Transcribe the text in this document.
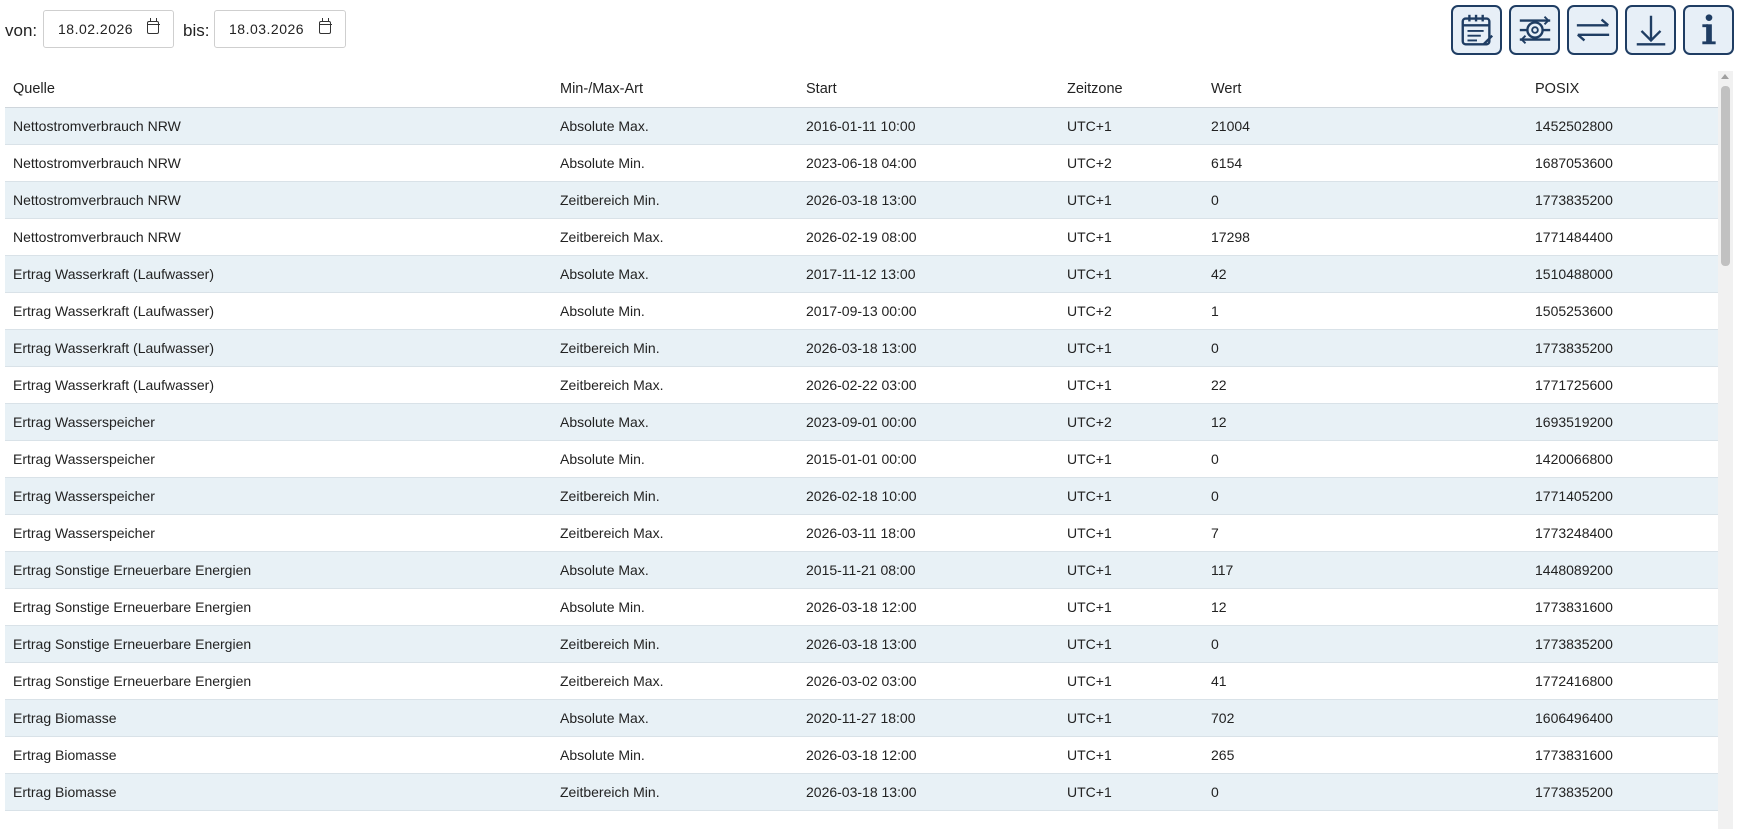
von: 18.02.2026	bis: 18.03.2026
Quelle	Min-/Max-Art	Start	Zeitzone	Wert	POSIX
Nettostromverbrauch NRW	Absolute Max.	2016-01-11 10:00	UTC+1	21004	1452502800
Nettostromverbrauch NRW	Absolute Min.	2023-06-18 04:00	UTC+2	6154	1687053600
Nettostromverbrauch NRW	Zeitbereich Min.	2026-03-18 13:00	UTC+1	0	1773835200
Nettostromverbrauch NRW	Zeitbereich Max.	2026-02-19 08:00	UTC+1	17298	1771484400
Ertrag Wasserkraft (Laufwasser)	Absolute Max.	2017-11-12 13:00	UTC+1	42	1510488000
Ertrag Wasserkraft (Laufwasser)	Absolute Min.	2017-09-13 00:00	UTC+2	1	1505253600
Ertrag Wasserkraft (Laufwasser)	Zeitbereich Min.	2026-03-18 13:00	UTC+1	0	1773835200
Ertrag Wasserkraft (Laufwasser)	Zeitbereich Max.	2026-02-22 03:00	UTC+1	22	1771725600
Ertrag Wasserspeicher	Absolute Max.	2023-09-01 00:00	UTC+2	12	1693519200
Ertrag Wasserspeicher	Absolute Min.	2015-01-01 00:00	UTC+1	0	1420066800
Ertrag Wasserspeicher	Zeitbereich Min.	2026-02-18 10:00	UTC+1	0	1771405200
Ertrag Wasserspeicher	Zeitbereich Max.	2026-03-11 18:00	UTC+1	7	1773248400
Ertrag Sonstige Erneuerbare Energien	Absolute Max.	2015-11-21 08:00	UTC+1	117	1448089200
Ertrag Sonstige Erneuerbare Energien	Absolute Min.	2026-03-18 12:00	UTC+1	12	1773831600
Ertrag Sonstige Erneuerbare Energien	Zeitbereich Min.	2026-03-18 13:00	UTC+1	0	1773835200
Ertrag Sonstige Erneuerbare Energien	Zeitbereich Max.	2026-03-02 03:00	UTC+1	41	1772416800
Ertrag Biomasse	Absolute Max.	2020-11-27 18:00	UTC+1	702	1606496400
Ertrag Biomasse	Absolute Min.	2026-03-18 12:00	UTC+1	265	1773831600
Ertrag Biomasse	Zeitbereich Min.	2026-03-18 13:00	UTC+1	0	1773835200
